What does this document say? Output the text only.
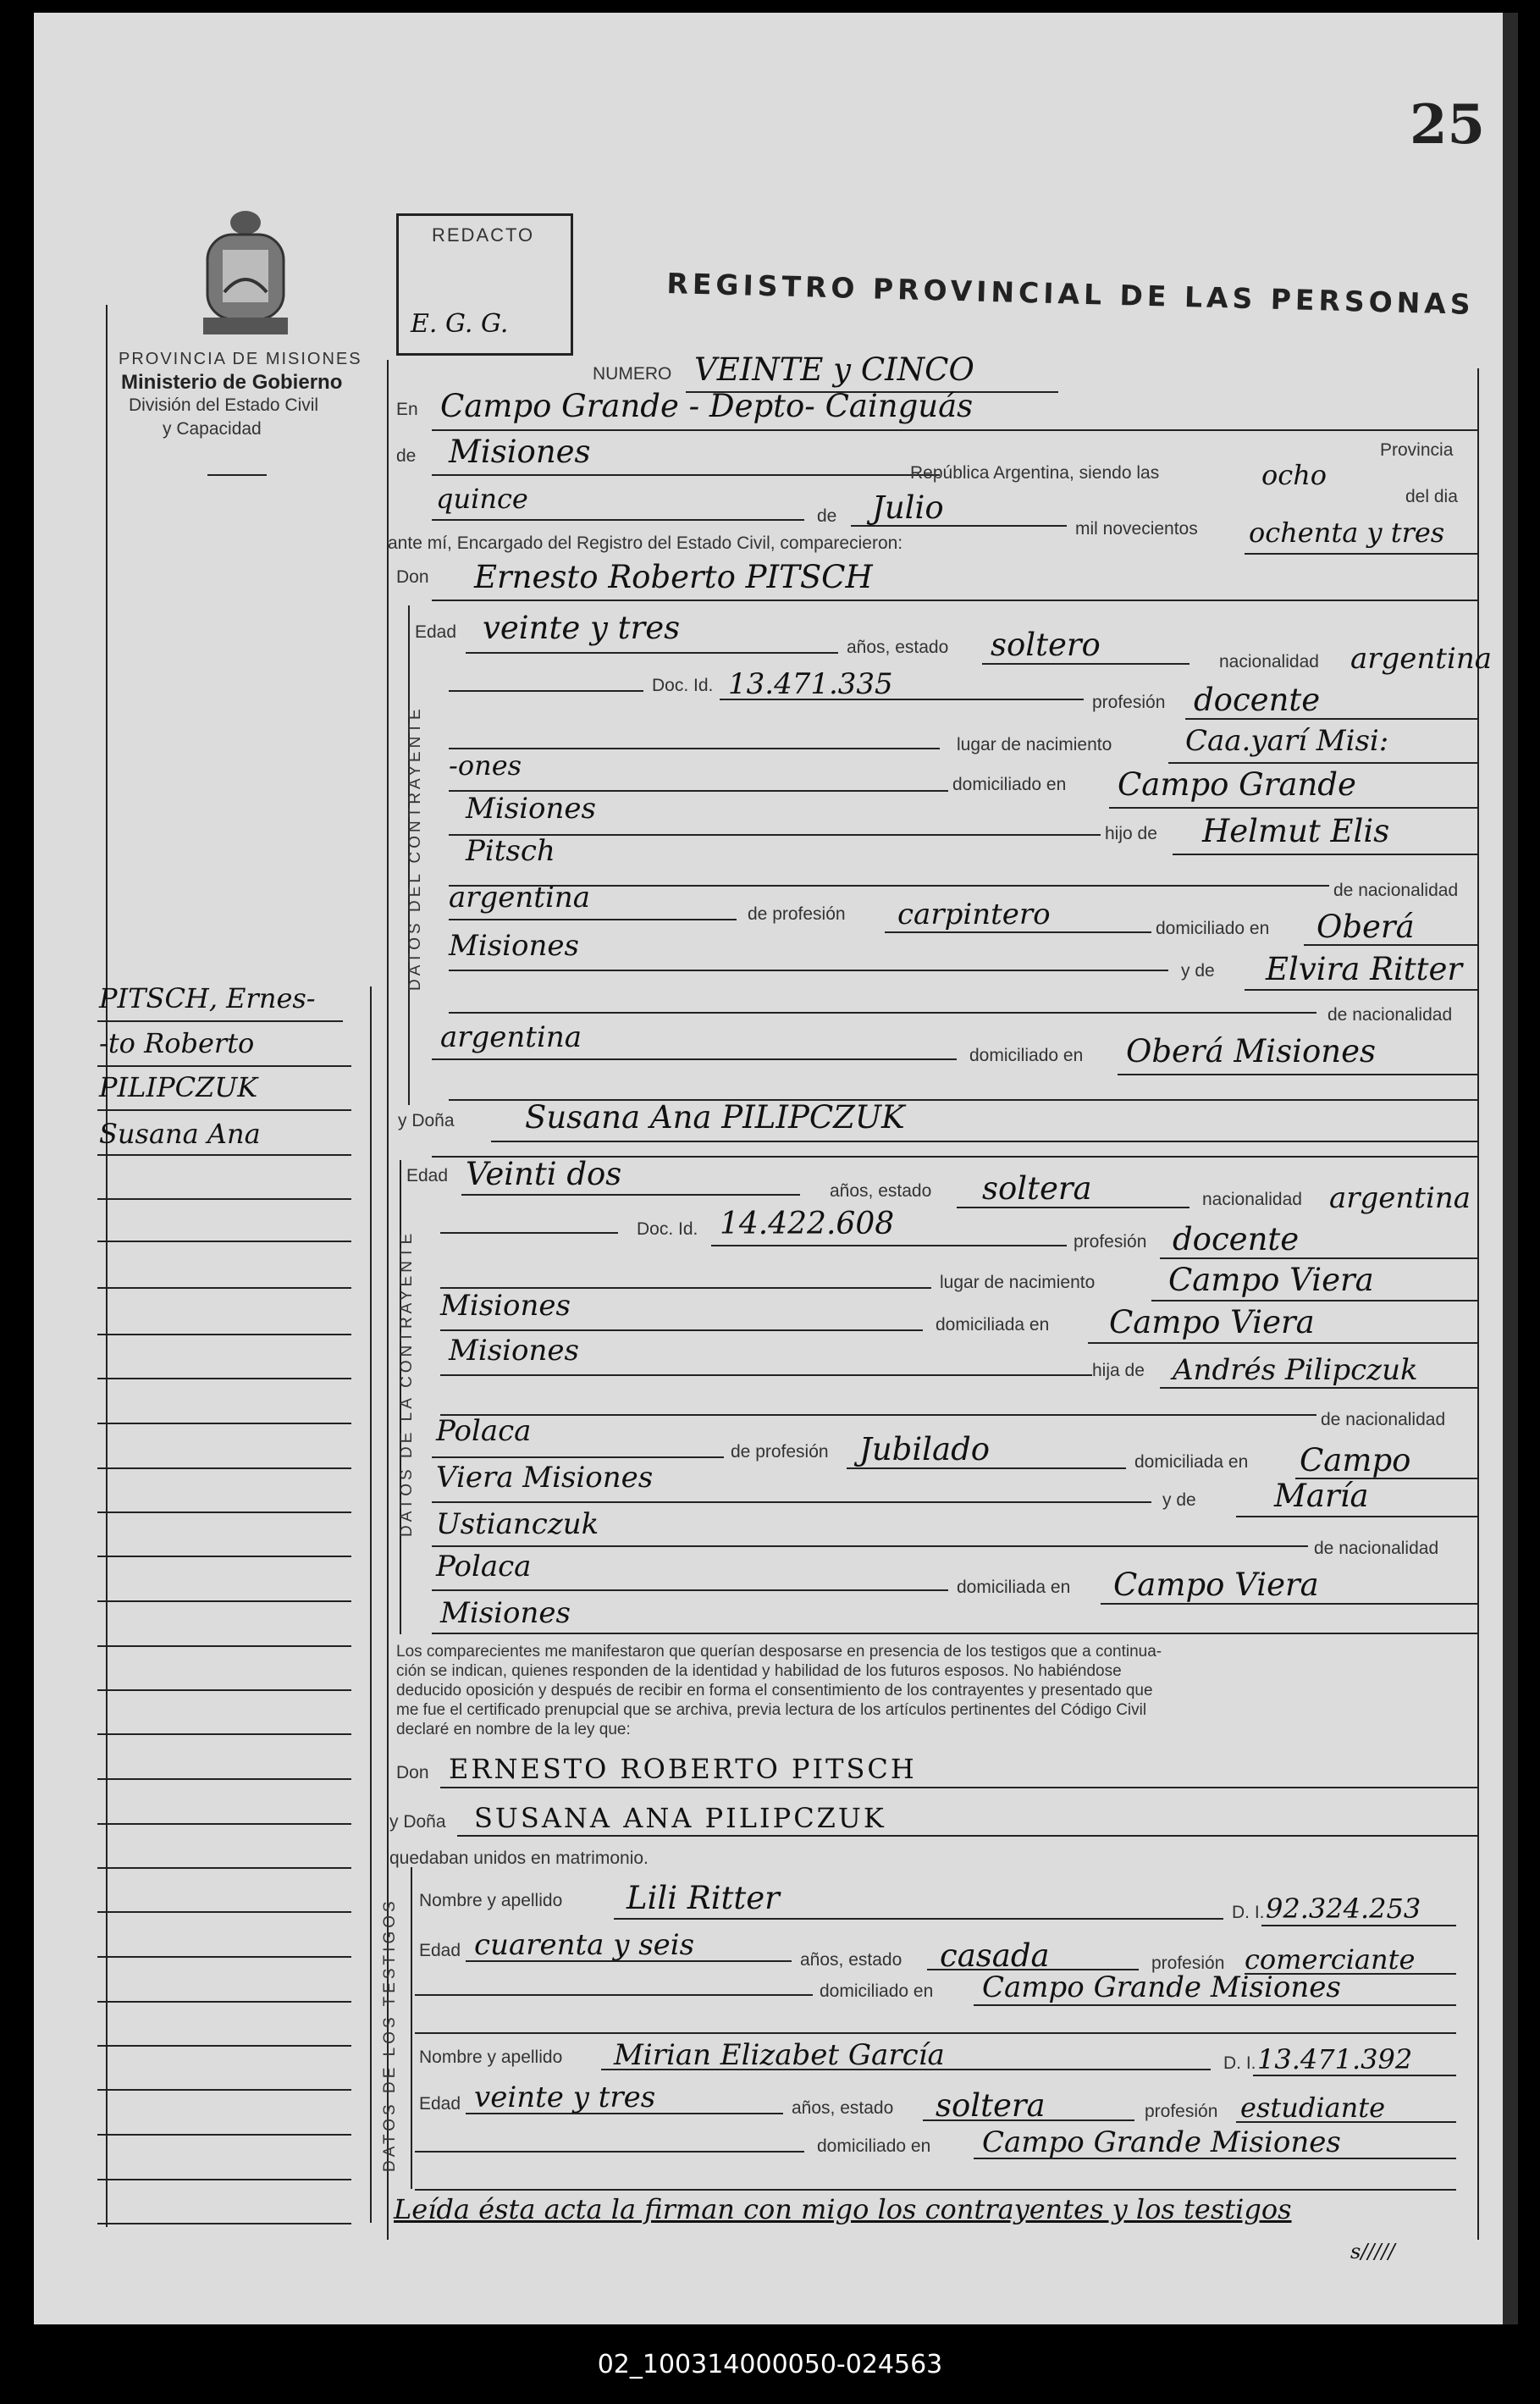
25
PROVINCIA DE MISIONES
Ministerio de Gobierno
División del Estado Civil
y Capacidad
REDACTO
E. G. G.
REGISTRO PROVINCIAL DE LAS PERSONAS
PITSCH, Ernes-
-to Roberto
PILIPCZUK
Susana Ana
NUMERO VEINTE y CINCO
En Campo Grande - Depto- Cainguás
de Misiones
República Argentina, siendo las	ocho
Provincia
del dia
quince
de Julio
mil novecientos ochenta y tres
ante mí, Encargado del Registro del Estado Civil, comparecieron:
Don Ernesto Roberto PITSCH
DATOS DEL CONTRAYENTE
Edad veinte y tres
años, estado soltero	nacionalidad argentina
Doc. Id. 13.471.335
profesión docente
lugar de nacimiento	Caa.yarí Misi:
-ones
domiciliado en Campo Grande
Misiones
hijo de Helmut Elis
Pitsch
de nacionalidad
argentina	de profesión carpintero	domiciliado en Oberá
Misiones
y de Elvira Ritter
de nacionalidad
argentina
domiciliado en Oberá Misiones
y Doña Susana Ana PILIPCZUK
DATOS DE LA CONTRAYENTE
Edad Veinti dos	años, estado soltera	nacionalidad argentina
Doc. Id. 14.422.608
profesión docente
lugar de nacimiento Campo Viera
Misiones
domiciliada en Campo Viera
Misiones
hija de Andrés Pilipczuk
de nacionalidad
Polaca
de profesión Jubilado	domiciliada en Campo
Viera Misiones
y de María
Ustianczuk
de nacionalidad
Polaca
domiciliada en Campo Viera
Misiones
Los comparecientes me manifestaron que querían desposarse en presencia de los testigos que a continua-
ción se indican, quienes responden de la identidad y habilidad de los futuros esposos. No habiéndose
deducido oposición y después de recibir en forma el consentimiento de los contrayentes y presentado que
me fue el certificado prenupcial que se archiva, previa lectura de los artículos pertinentes del Código Civil
declaré en nombre de la ley que:
Don ERNESTO ROBERTO PITSCH
y Doña SUSANA ANA PILIPCZUK
quedaban unidos en matrimonio.
DATOS DE LOS TESTIGOS Nombre y apellido Lili Ritter	D. I. 92.324.253
Edad cuarenta y seis	años, estado casada	profesión comerciante
domiciliado en Campo Grande Misiones
Nombre y apellido Mirian Elizabet García	D. I. 13.471.392
Edad veinte y tres	años, estado soltera	profesión estudiante
domiciliado en Campo Grande Misiones
Leída ésta acta la firman con migo los contrayentes y los testigos
s/////
02_100314000050-024563
